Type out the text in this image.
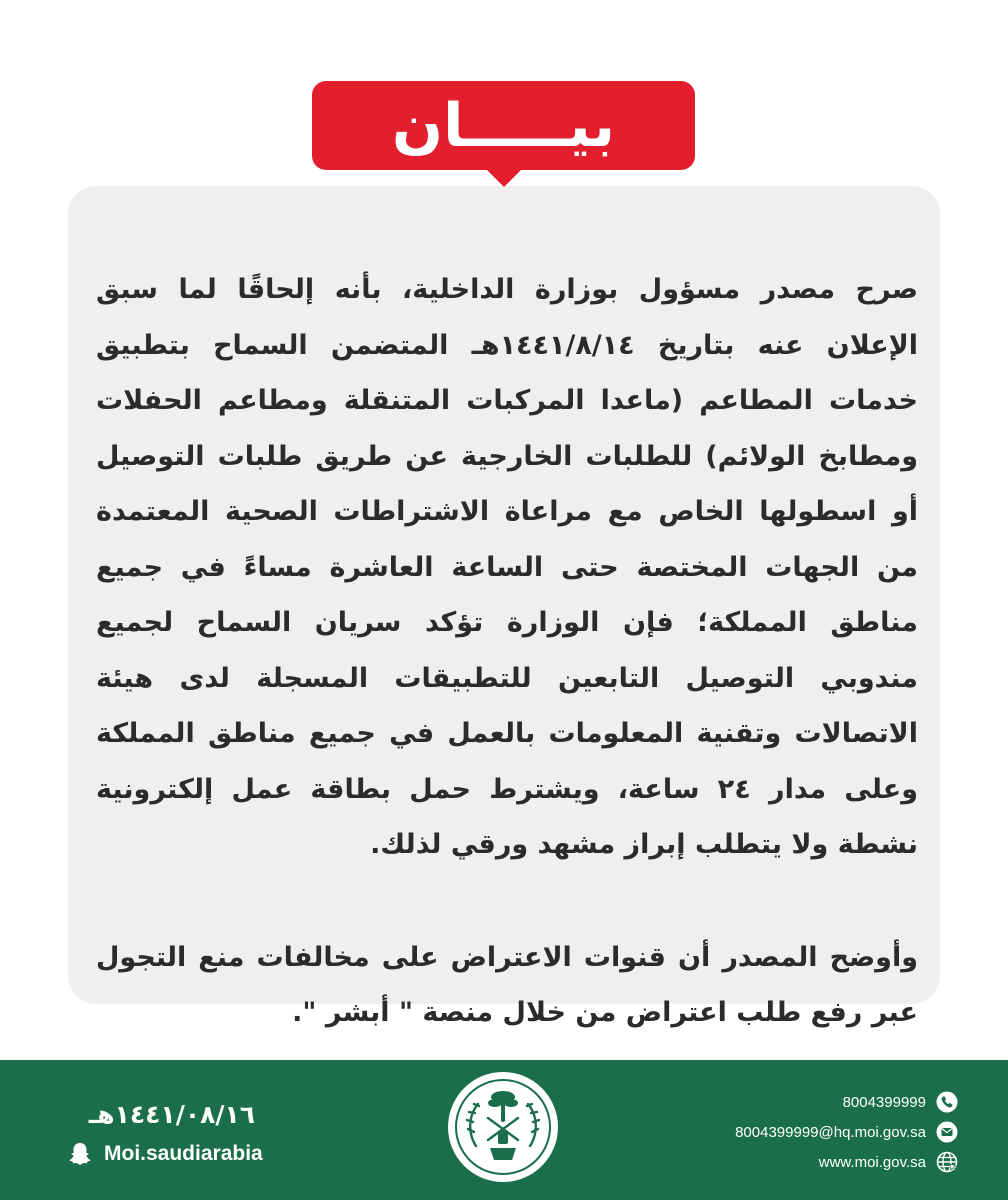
بيـــــان

صرح مصدر مسؤول بوزارة الداخلية، بأنه إلحاقًا لما سبق الإعلان عنه بتاريخ ١٤٤١/٨/١٤هـ المتضمن السماح بتطبيق خدمات المطاعم (ماعدا المركبات المتنقلة ومطاعم الحفلات ومطابخ الولائم) للطلبات الخارجية عن طريق طلبات التوصيل أو اسطولها الخاص مع مراعاة الاشتراطات الصحية المعتمدة من الجهات المختصة حتى الساعة العاشرة مساءً في جميع مناطق المملكة؛ فإن الوزارة تؤكد سريان السماح لجميع مندوبي التوصيل التابعين للتطبيقات المسجلة لدى هيئة الاتصالات وتقنية المعلومات بالعمل في جميع مناطق المملكة وعلى مدار ٢٤ ساعة، ويشترط حمل بطاقة عمل إلكترونية نشطة ولا يتطلب إبراز مشهد ورقي لذلك.

وأوضح المصدر أن قنوات الاعتراض على مخالفات منع التجول عبر رفع طلب اعتراض من خلال منصة " أبشر ".

١٤٤١/٠٨/١٦هـ
Moi.saudiarabia
8004399999
8004399999@hq.moi.gov.sa
www.moi.gov.sa
